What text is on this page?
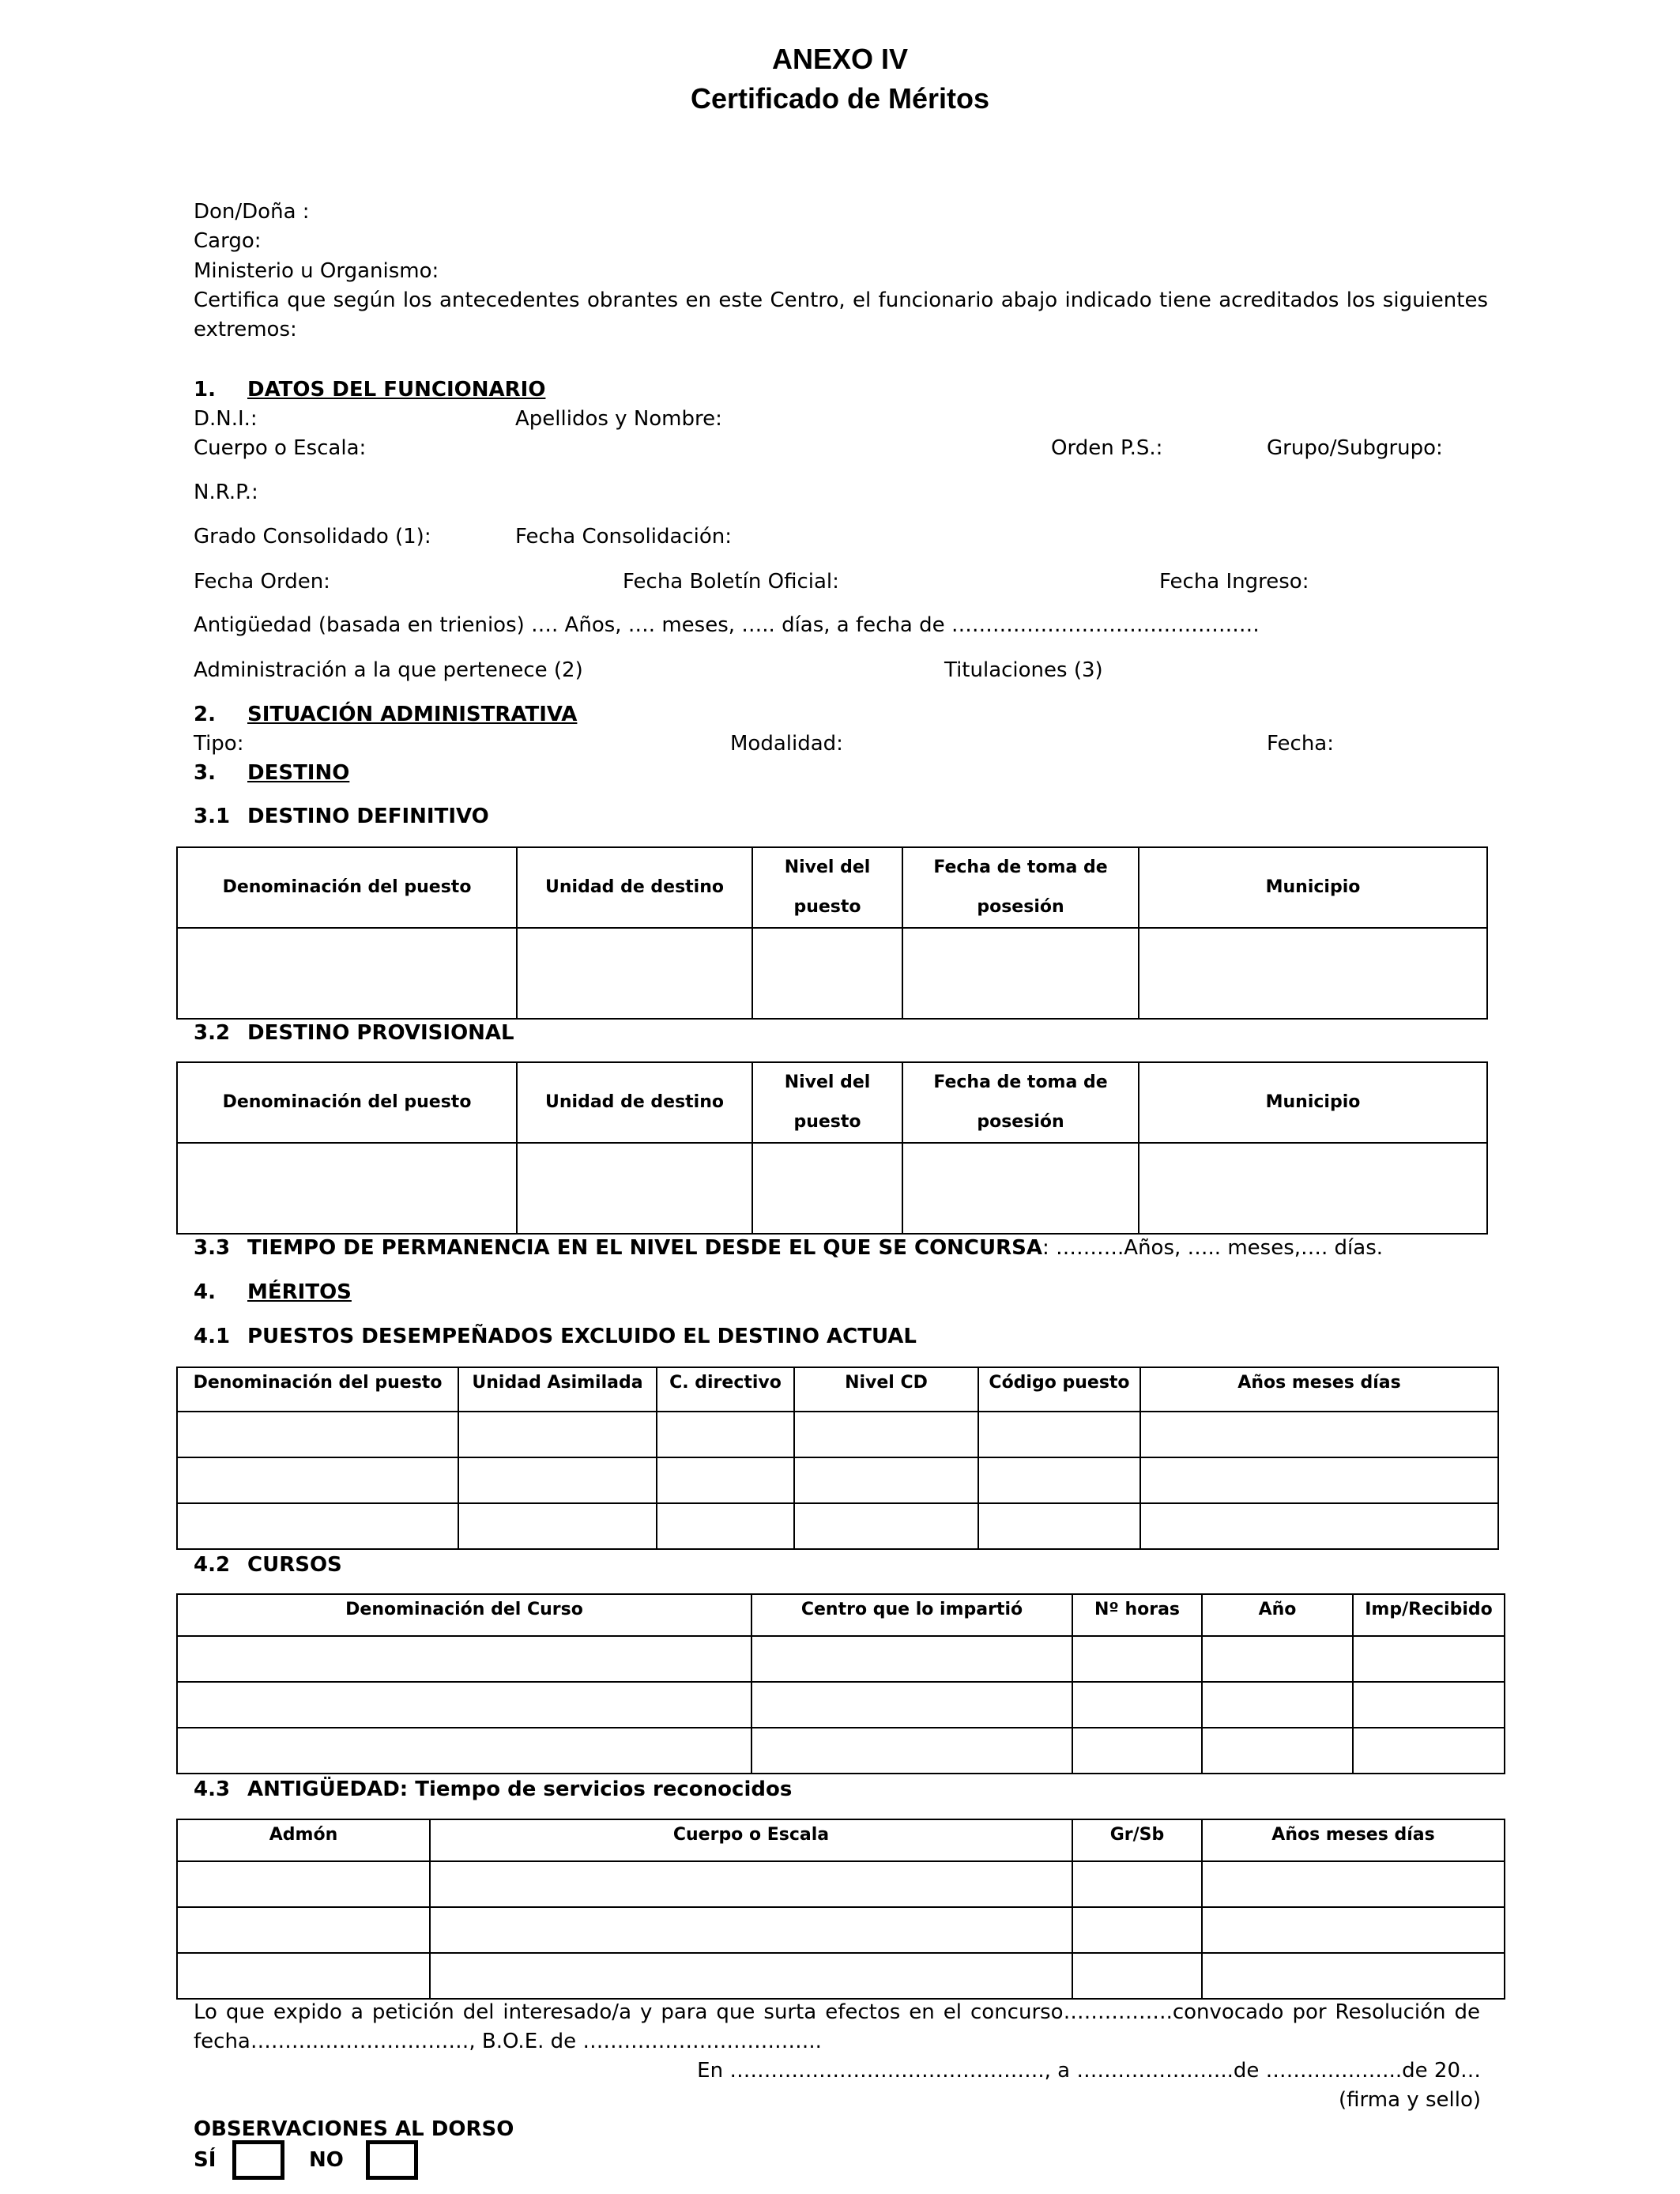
ANEXO IV
Certificado de Méritos
Don/Doña :
Cargo:
Ministerio u Organismo:
Certifica que según los antecedentes obrantes en este Centro, el funcionario abajo indicado tiene acreditados los siguientes
extremos:
1. DATOS DEL FUNCIONARIO
D.N.I.:	Apellidos y Nombre:
Cuerpo o Escala:	Orden P.S.:	Grupo/Subgrupo:
N.R.P.:
Grado Consolidado (1):	Fecha Consolidación:
Fecha Orden:	Fecha Boletín Oficial:	Fecha Ingreso:
Antigüedad (basada en trienios) …. Años, …. meses, ….. días, a fecha de ………………………………………
Administración a la que pertenece (2)	Titulaciones (3)
2. SITUACIÓN ADMINISTRATIVA
Tipo:	Modalidad:	Fecha:
3. DESTINO
3.1 DESTINO DEFINITIVO
Denominación del puesto	Unidad de destino	Nivel del puesto	Fecha de toma de posesión	Municipio

3.2 DESTINO PROVISIONAL
Denominación del puesto	Unidad de destino	Nivel del puesto	Fecha de toma de posesión	Municipio

3.3 TIEMPO DE PERMANENCIA EN EL NIVEL DESDE EL QUE SE CONCURSA: ……….Años, ….. meses,…. días.
4. MÉRITOS
4.1 PUESTOS DESEMPEÑADOS EXCLUIDO EL DESTINO ACTUAL
Denominación del puesto	Unidad Asimilada	C. directivo	Nivel CD	Código puesto	Años meses días

4.2 CURSOS
Denominación del Curso	Centro que lo impartió	Nº horas	Año	Imp/Recibido

4.3 ANTIGÜEDAD: Tiempo de servicios reconocidos
Admón	Cuerpo o Escala	Gr/Sb	Años meses días

Lo que expido a petición del interesado/a y para que surta efectos en el concurso…………….convocado por Resolución de
fecha………..…………………, B.O.E. de ……………………………..
En ………………………………………., a …………………..de ………………..de 20…
(firma y sello)
OBSERVACIONES AL DORSO
SÍ	NO
